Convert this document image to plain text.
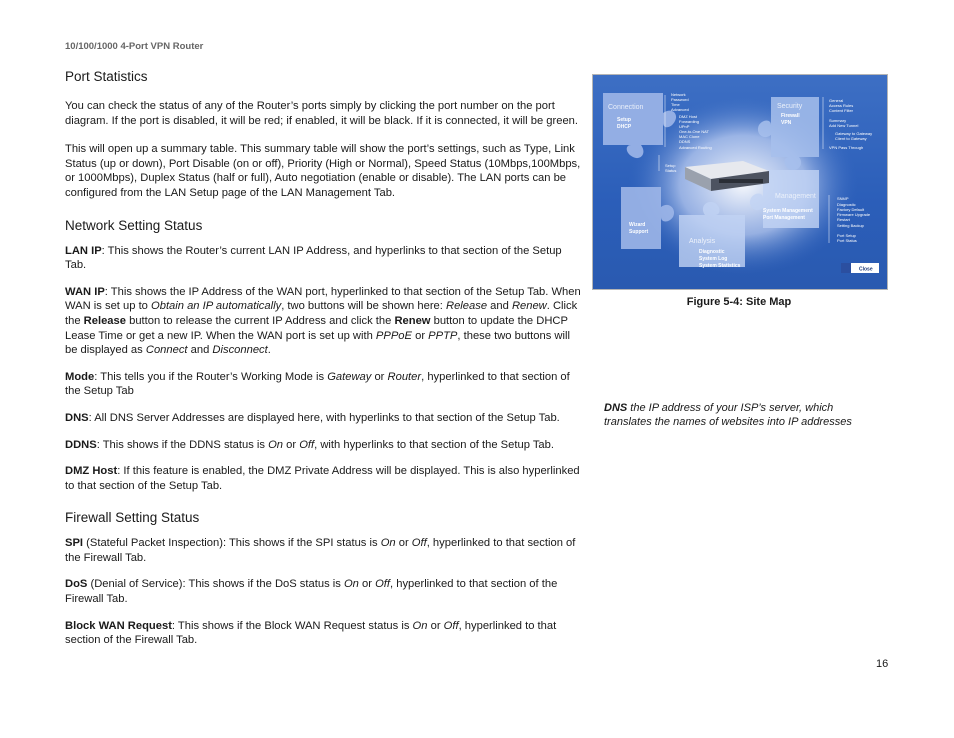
10/100/1000 4-Port VPN Router
Port Statistics

You can check the status of any of the Router’s ports simply by clicking the port number on the port diagram. If the port is disabled, it will be red; if enabled, it will be black. If it is connected, it will be green.

This will open up a summary table. This summary table will show the port’s settings, such as Type, Link Status (up or down), Port Disable (on or off), Priority (High or Normal), Speed Status (10Mbps,100Mbps, or 1000Mbps), Duplex Status (half or full), Auto negotiation (enable or disable). The LAN ports can be configured from the LAN Setup page of the LAN Management Tab.

Network Setting Status

LAN IP: This shows the Router’s current LAN IP Address, and hyperlinks to that section of the Setup Tab.

WAN IP: This shows the IP Address of the WAN port, hyperlinked to that section of the Setup Tab. When WAN is set up to Obtain an IP automatically, two buttons will be shown here: Release and Renew. Click the Release button to release the current IP Address and click the Renew button to update the DHCP Lease Time or get a new IP. When the WAN port is set up with PPPoE or PPTP, these two buttons will be displayed as Connect and Disconnect.

Mode: This tells you if the Router’s Working Mode is Gateway or Router, hyperlinked to that section of the Setup Tab

DNS: All DNS Server Addresses are displayed here, with hyperlinks to that section of the Setup Tab.

DDNS: This shows if the DDNS status is On or Off, with hyperlinks to that section of the Setup Tab.

DMZ Host: If this feature is enabled, the DMZ Private Address will be displayed. This is also hyperlinked to that section of the Setup Tab.

Firewall Setting Status

SPI (Stateful Packet Inspection): This shows if the SPI status is On or Off, hyperlinked to that section of the Firewall Tab.

DoS (Denial of Service): This shows if the DoS status is On or Off, hyperlinked to that section of the Firewall Tab.

Block WAN Request: This shows if the Block WAN Request status is On or Off, hyperlinked to that section of the Firewall Tab.

Connection
Setup
DHCP
Security
Firewall
VPN
Management
System Management
Port Management
Wizard
Support
Analysis
Diagnostic
System Log
System Statistics
Network
Password
Time
Advanced
DMZ Host
Forwarding
UPnP
One-to-One NAT
MAC Clone
DDNS
Advanced Routing
Setup
Status
General
Access Rules
Content Filter
Summary
Add New Tunnel
Gateway to Gateway
Client to Gateway
VPN Pass Through
SNMP
Diagnostic
Factory Default
Firmware Upgrade
Restart
Setting Backup
Port Setup
Port Status
Close
Figure 5-4: Site Map
DNS the IP address of your ISP’s server, which translates the names of websites into IP addresses
16
